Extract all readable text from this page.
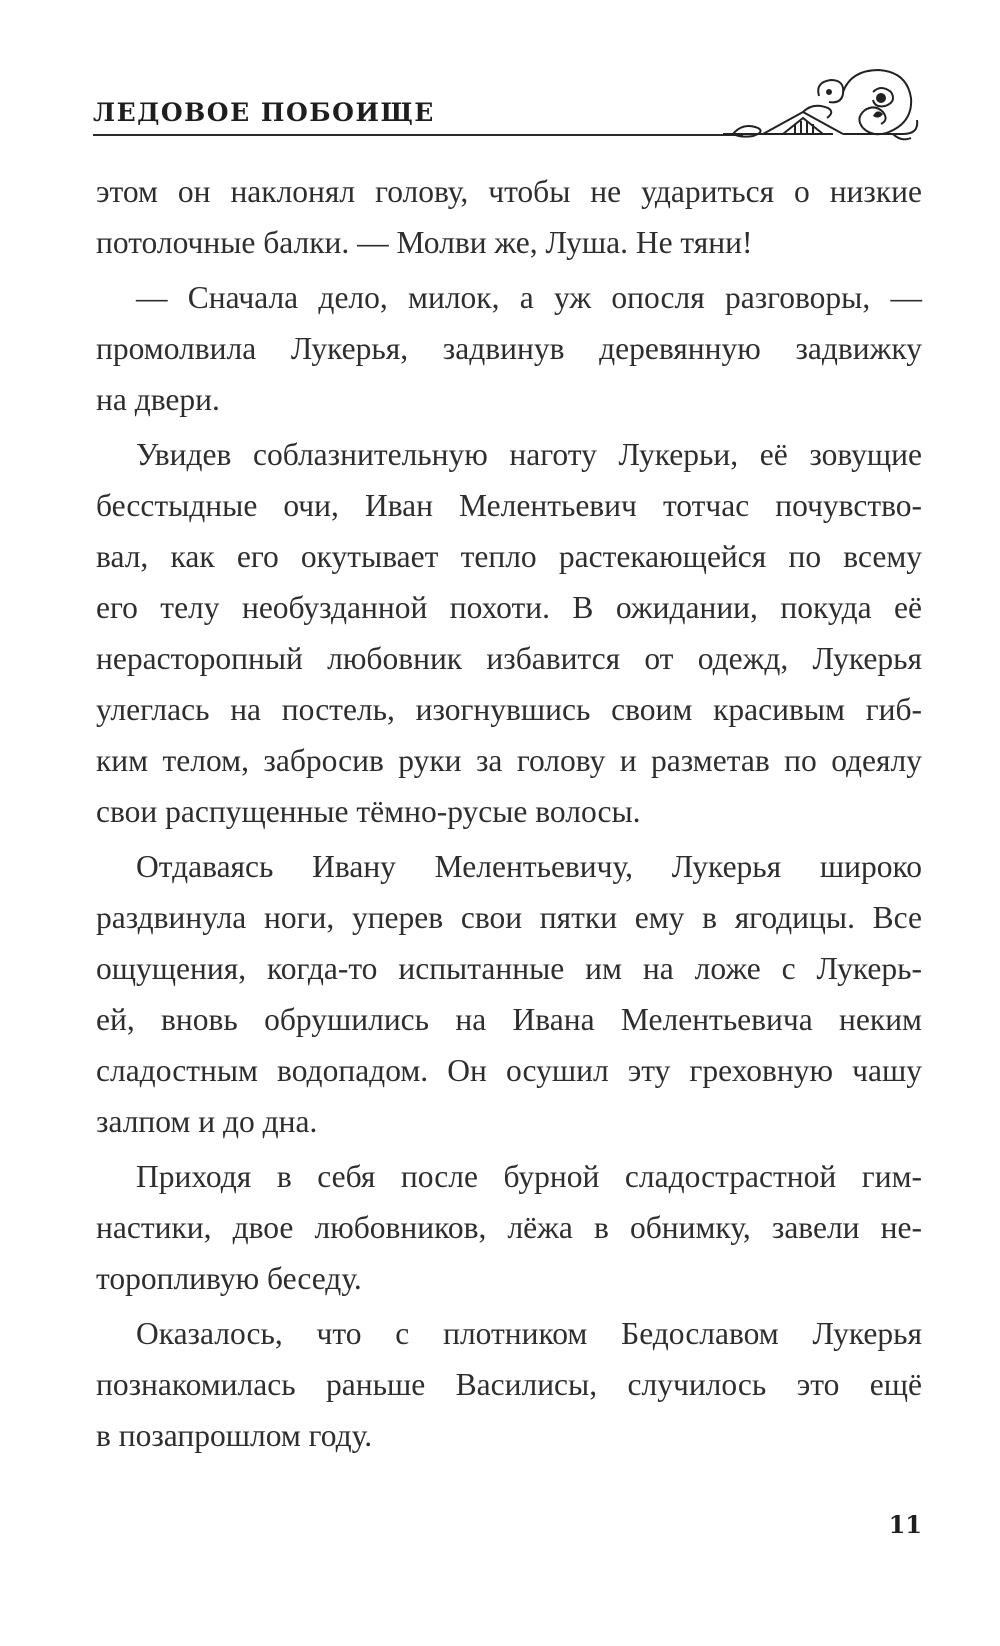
ЛЕДОВОЕ ПОБОИЩЕ
этом он наклонял голову, чтобы не удариться о низкие
потолочные балки. — Молви же, Луша. Не тяни!
— Сначала дело, милок, а уж опосля разговоры, —
промолвила Лукерья, задвинув деревянную задвижку
на двери.
Увидев соблазнительную наготу Лукерьи, её зовущие
бесстыдные очи, Иван Мелентьевич тотчас почувство-
вал, как его окутывает тепло растекающейся по всему
его телу необузданной похоти. В ожидании, покуда её
нерасторопный любовник избавится от одежд, Лукерья
улеглась на постель, изогнувшись своим красивым гиб-
ким телом, забросив руки за голову и разметав по одеялу
свои распущенные тёмно-русые волосы.
Отдаваясь Ивану Мелентьевичу, Лукерья широко
раздвинула ноги, уперев свои пятки ему в ягодицы. Все
ощущения, когда-то испытанные им на ложе с Лукерь-
ей, вновь обрушились на Ивана Мелентьевича неким
сладостным водопадом. Он осушил эту греховную чашу
залпом и до дна.
Приходя в себя после бурной сладострастной гим-
настики, двое любовников, лёжа в обнимку, завели не-
торопливую беседу.
Оказалось, что с плотником Бедославом Лукерья
познакомилась раньше Василисы, случилось это ещё
в позапрошлом году.
11
